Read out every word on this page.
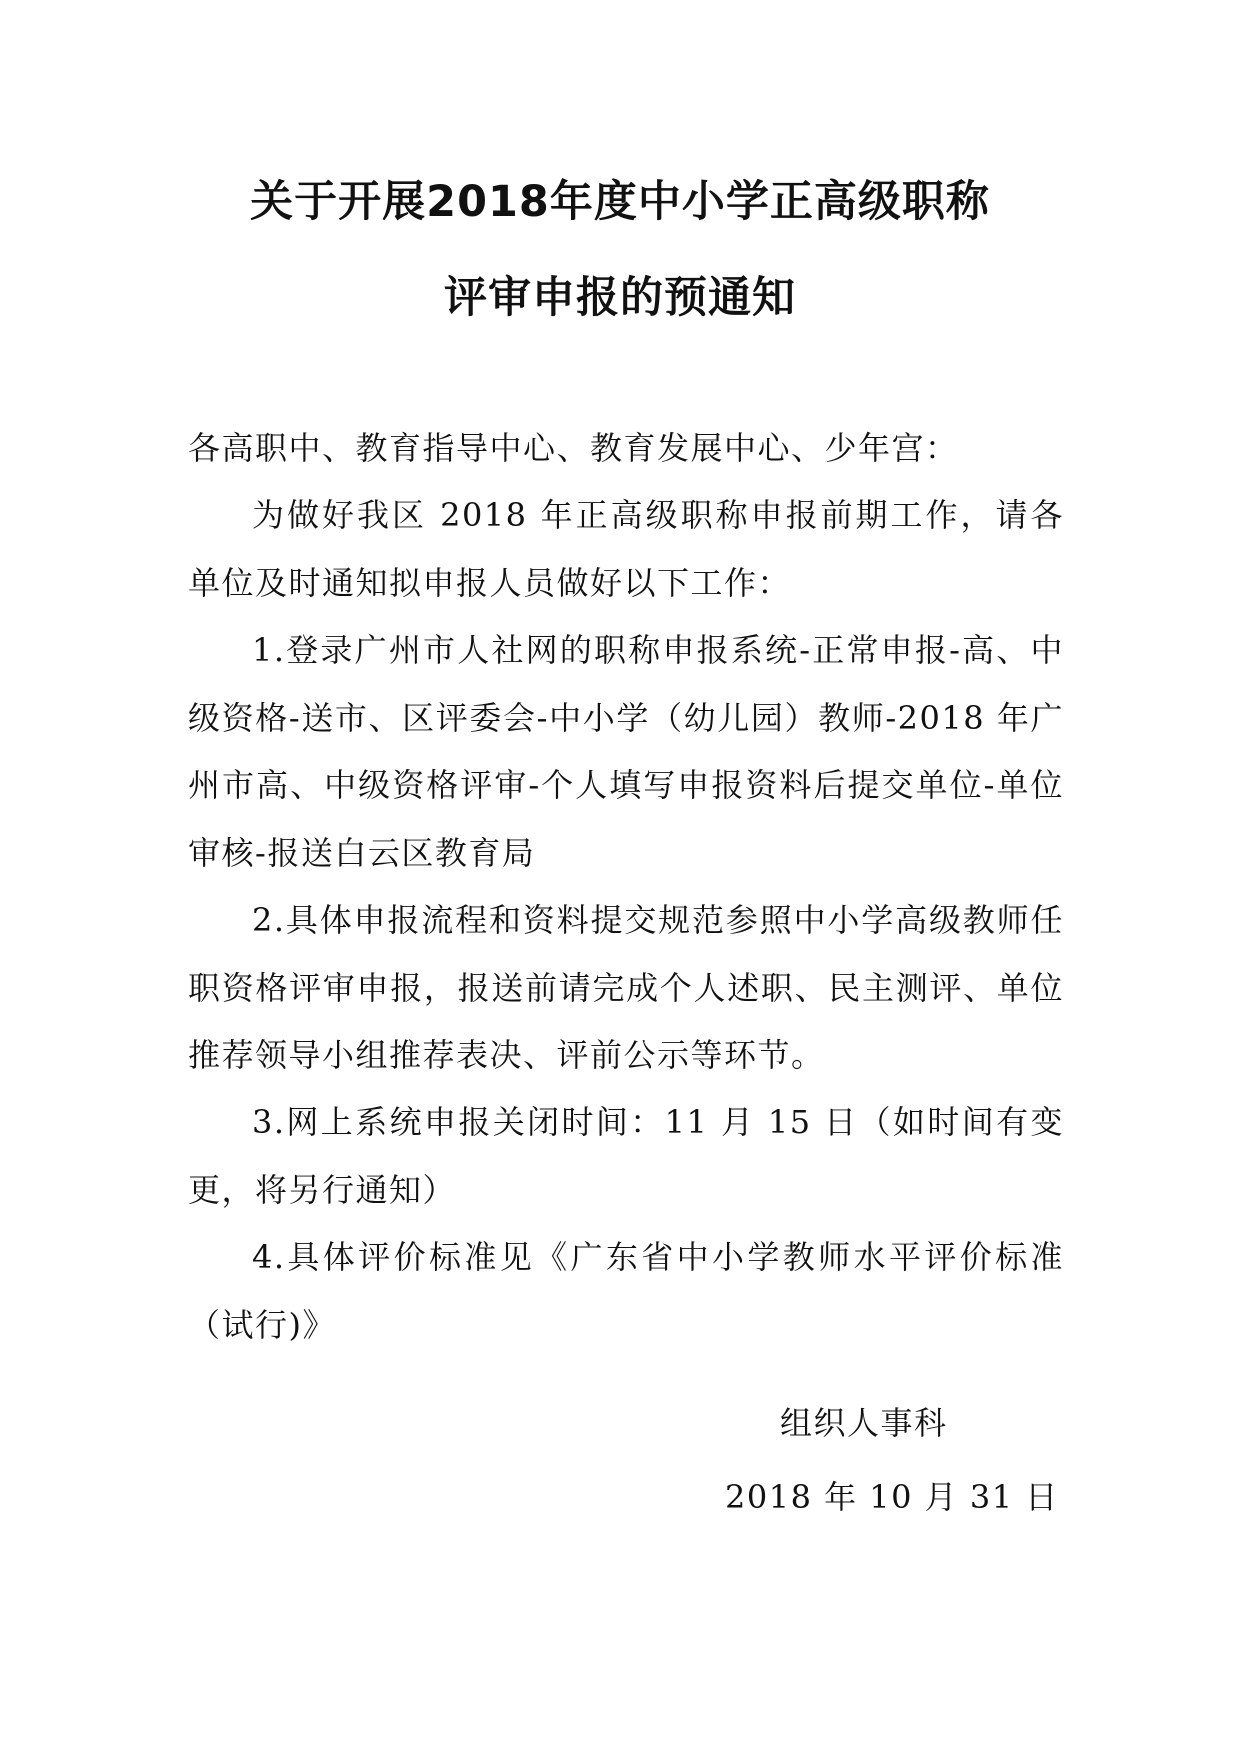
关于开展2018年度中小学正高级职称
评审申报的预通知
各高职中、教育指导中心、教育发展中心、少年宫：
为做好我区 2018 年正高级职称申报前期工作，请各单位及时通知拟申报人员做好以下工作：
1.登录广州市人社网的职称申报系统-正常申报-高、中级资格-送市、区评委会-中小学（幼儿园）教师-2018 年广州市高、中级资格评审-个人填写申报资料后提交单位-单位审核-报送白云区教育局
2.具体申报流程和资料提交规范参照中小学高级教师任职资格评审申报，报送前请完成个人述职、民主测评、单位推荐领导小组推荐表决、评前公示等环节。
3.网上系统申报关闭时间：11 月 15 日（如时间有变更，将另行通知）
4.具体评价标准见《广东省中小学教师水平评价标准（试行)》
组织人事科
2018 年 10 月 31 日
